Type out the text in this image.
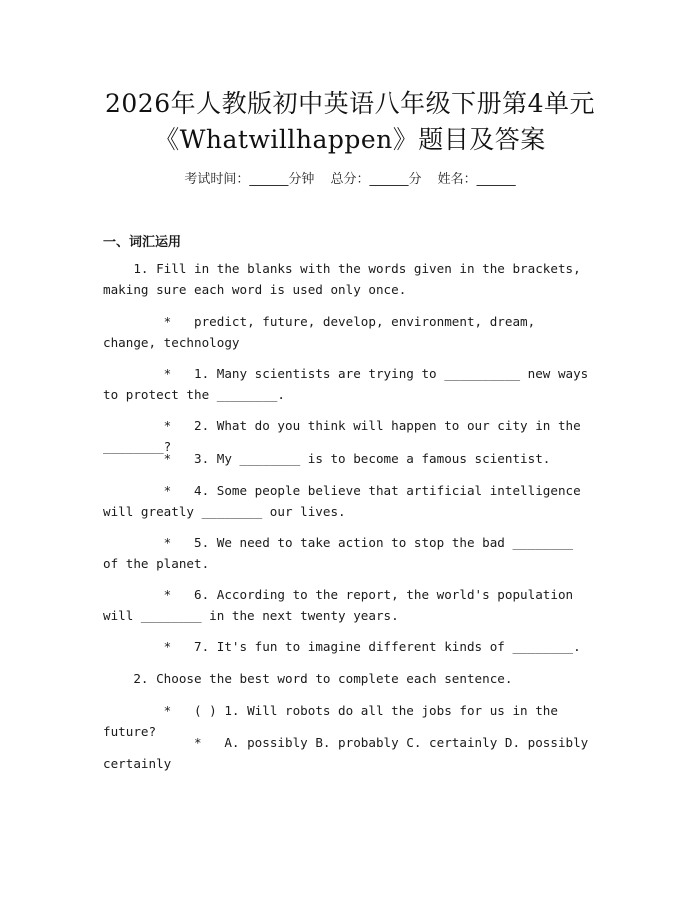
2026年人教版初中英语八年级下册第4单元
《Whatwillhappen》题目及答案
考试时间：______分钟 总分：______分 姓名：______
一、词汇运用
1. Fill in the blanks with the words given in the brackets, making sure each word is used only once.
*   predict, future, develop, environment, dream, change, technology
*   1. Many scientists are trying to __________ new ways to protect the ________.
*   2. What do you think will happen to our city in the ________?
*   3. My ________ is to become a famous scientist.
*   4. Some people believe that artificial intelligence will greatly ________ our lives.
*   5. We need to take action to stop the bad ________ of the planet.
*   6. According to the report, the world's population will ________ in the next twenty years.
*   7. It's fun to imagine different kinds of ________.
2. Choose the best word to complete each sentence.
*   ( ) 1. Will robots do all the jobs for us in the future?
*   A. possibly B. probably C. certainly D. possibly certainly
